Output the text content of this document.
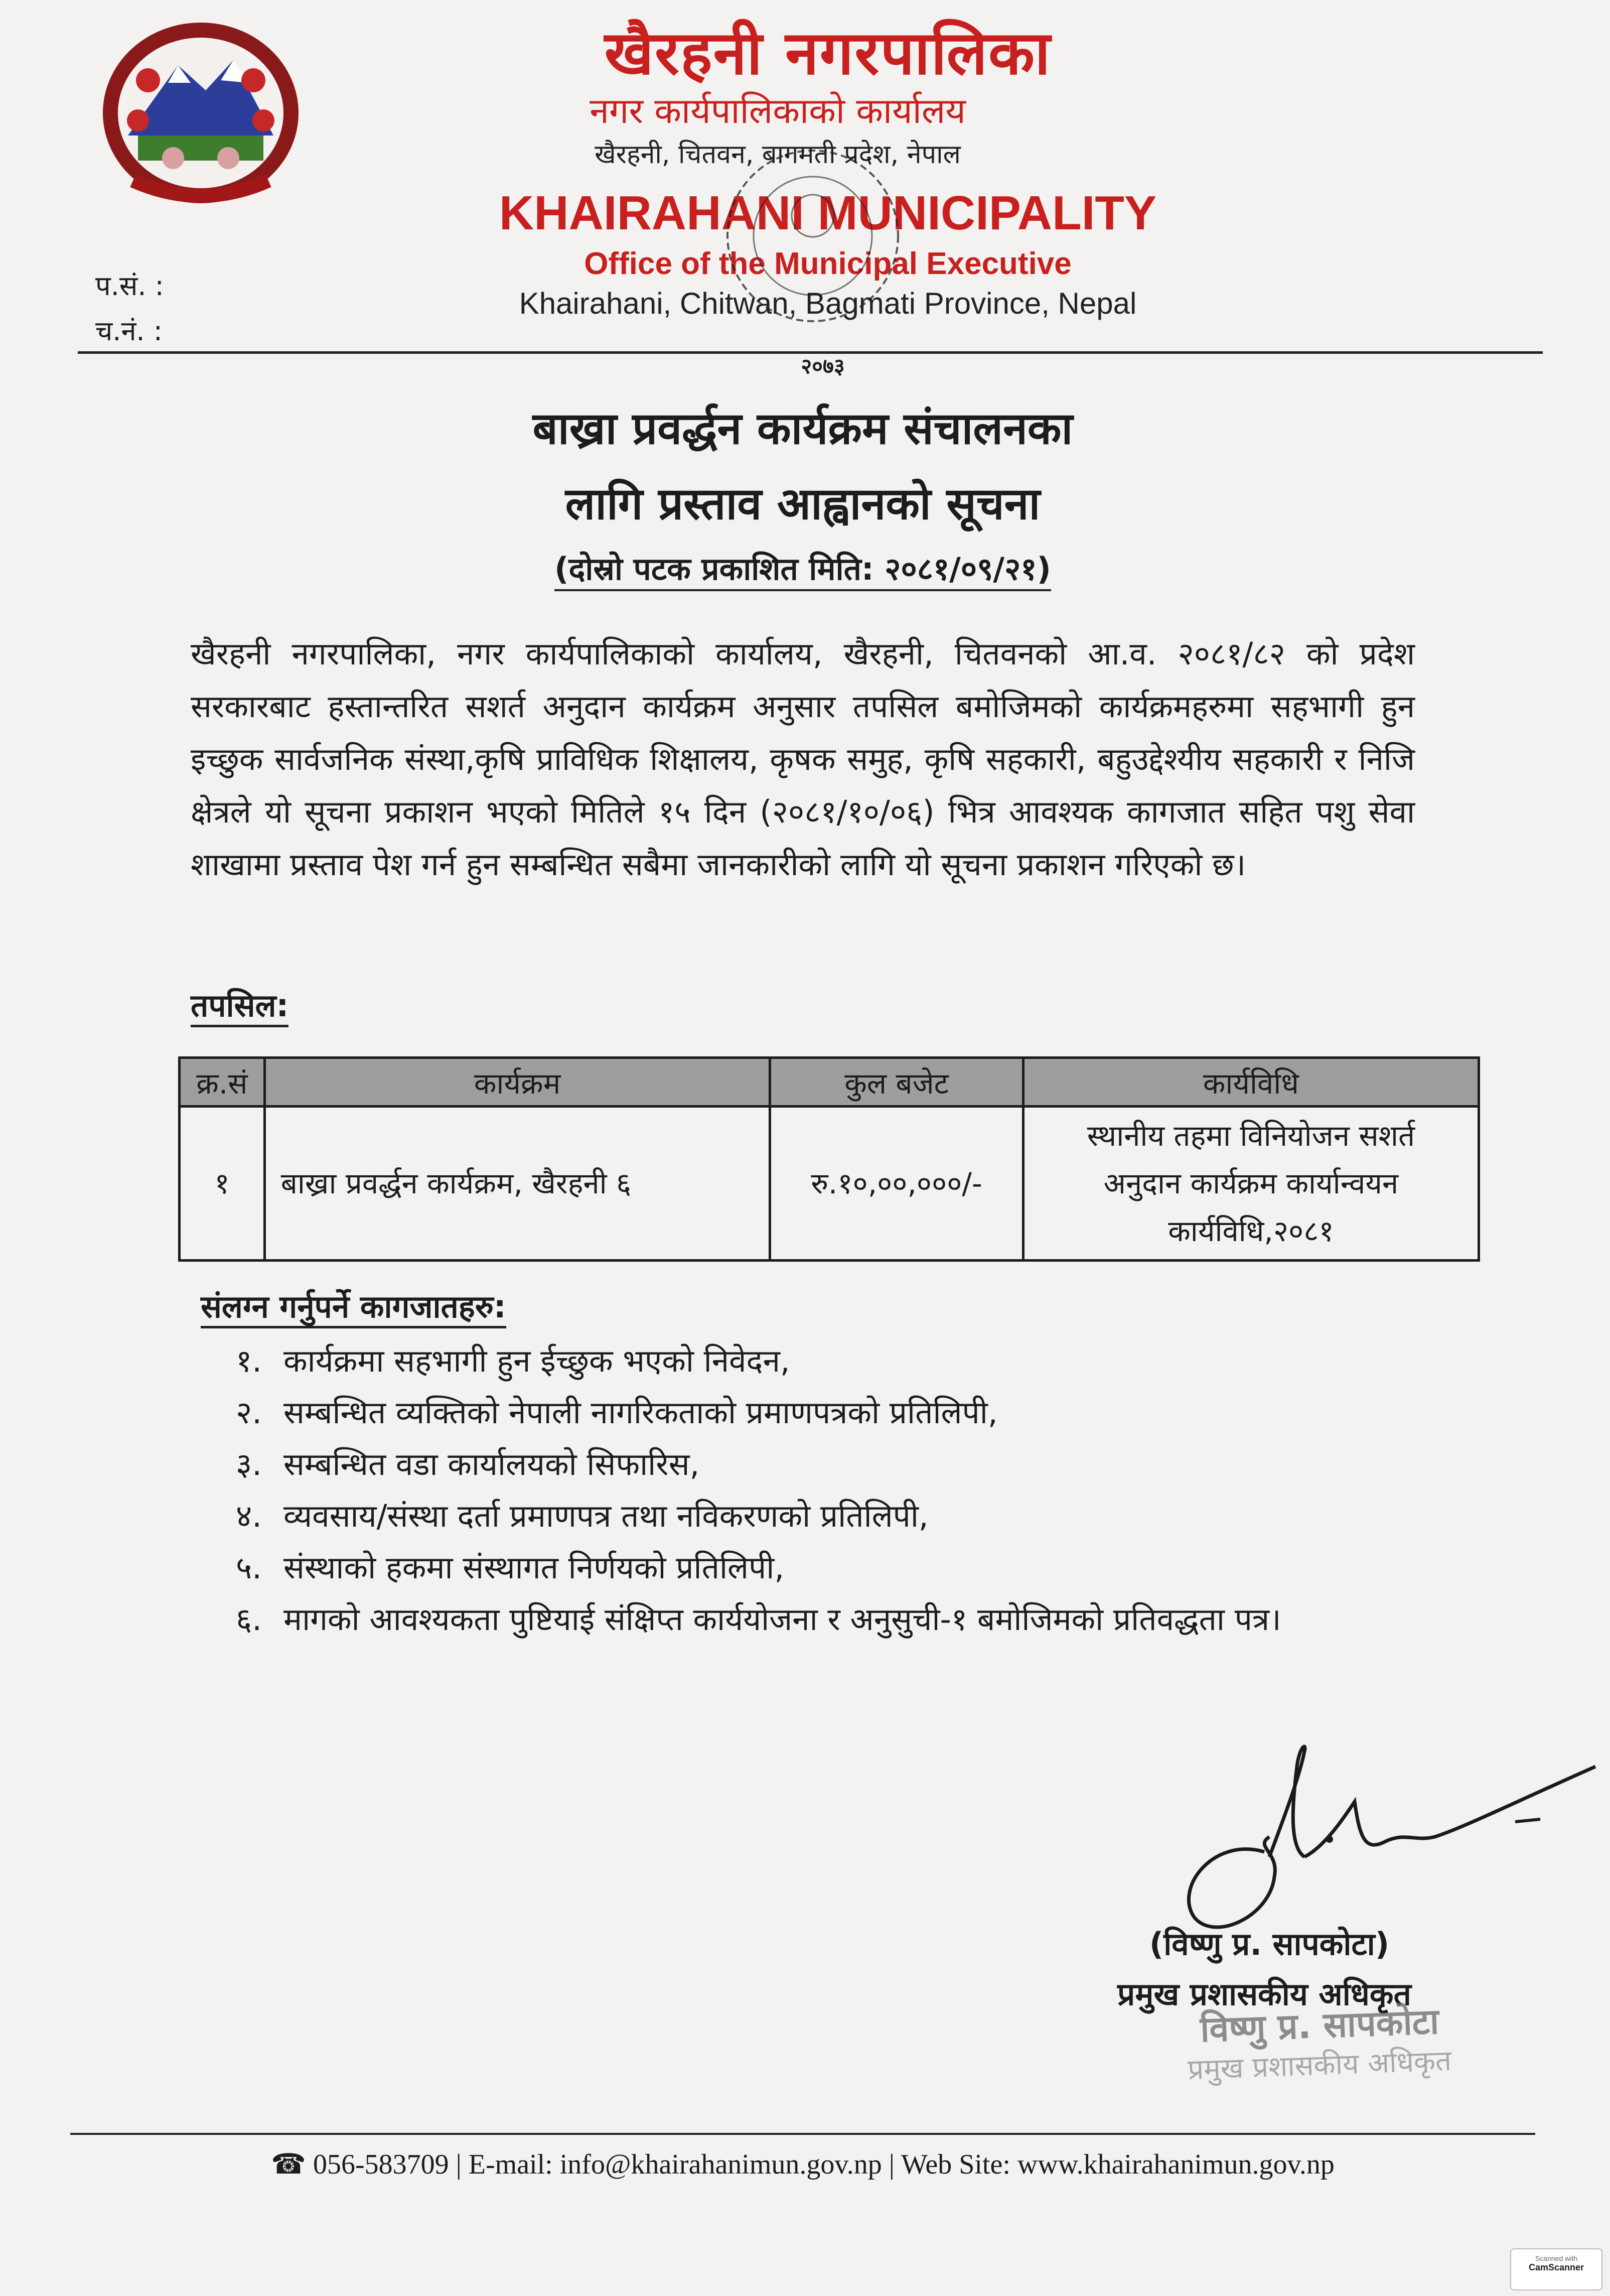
खैरहनी नगरपालिका
नगर कार्यपालिकाको कार्यालय
खैरहनी, चितवन, बागमती प्रदेश, नेपाल
KHAIRAHANI MUNICIPALITY
Office of the Municipal Executive
Khairahani, Chitwan, Bagmati Province, Nepal
२०७३
प.सं. :
च.नं. :
बाख्रा प्रवर्द्धन कार्यक्रम संचालनका
लागि प्रस्ताव आह्वानको सूचना
(दोस्रो पटक प्रकाशित मिति: २०८१/०९/२१)
खैरहनी नगरपालिका, नगर कार्यपालिकाको कार्यालय, खैरहनी, चितवनको आ.व. २०८१/८२ को प्रदेश सरकारबाट हस्तान्तरित सशर्त अनुदान कार्यक्रम अनुसार तपसिल बमोजिमको कार्यक्रमहरुमा सहभागी हुन इच्छुक सार्वजनिक संस्था,कृषि प्राविधिक शिक्षालय, कृषक समुह, कृषि सहकारी, बहुउद्देश्यीय सहकारी र निजि क्षेत्रले यो सूचना प्रकाशन भएको मितिले १५ दिन (२०८१/१०/०६) भित्र आवश्यक कागजात सहित पशु सेवा शाखामा प्रस्ताव पेश गर्न हुन सम्बन्धित सबैमा जानकारीको लागि यो सूचना प्रकाशन गरिएको छ।
तपसिल:
क्र.सं	कार्यक्रम	कुल बजेट	कार्यविधि
१	बाख्रा प्रवर्द्धन कार्यक्रम, खैरहनी ६	रु.१०,००,०००/-	स्थानीय तहमा विनियोजन सशर्त
अनुदान कार्यक्रम कार्यान्वयन
कार्यविधि,२०८१
संलग्न गर्नुपर्ने कागजातहरु:
१. कार्यक्रमा सहभागी हुन ईच्छुक भएको निवेदन,
२. सम्बन्धित व्यक्तिको नेपाली नागरिकताको प्रमाणपत्रको प्रतिलिपी,
३. सम्बन्धित वडा कार्यालयको सिफारिस,
४. व्यवसाय/संस्था दर्ता प्रमाणपत्र तथा नविकरणको प्रतिलिपी,
५. संस्थाको हकमा संस्थागत निर्णयको प्रतिलिपी,
६. मागको आवश्यकता पुष्टियाई संक्षिप्त कार्ययोजना र अनुसुची-१ बमोजिमको प्रतिवद्धता पत्र।
(विष्णु प्र. सापकोटा)
प्रमुख प्रशासकीय अधिकृत
विष्णु प्र. सापकोटा
प्रमुख प्रशासकीय अधिकृत
☎ 056-583709 | E-mail: info@khairahanimun.gov.np | Web Site: www.khairahanimun.gov.np
Scanned with
CamScanner
